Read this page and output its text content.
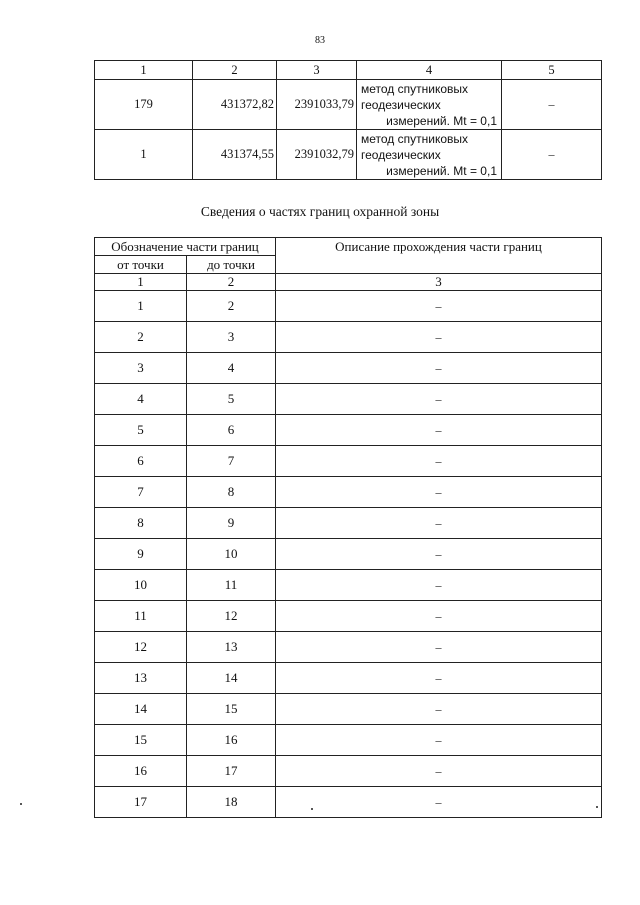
83
1	2	3	4	5
179	431372,82	2391033,79	метод спутниковых
геодезических
измерений. Mt = 0,1	–
1	431374,55	2391032,79	метод спутниковых
геодезических
измерений. Mt = 0,1	–
Сведения о частях границ охранной зоны
Обозначение части границ		Описание прохождения части границ
от точки	до точки	
1	2	3
1	2	–
2	3	–
3	4	–
4	5	–
5	6	–
6	7	–
7	8	–
8	9	–
9	10	–
10	11	–
11	12	–
12	13	–
13	14	–
14	15	–
15	16	–
16	17	–
17	18	–
